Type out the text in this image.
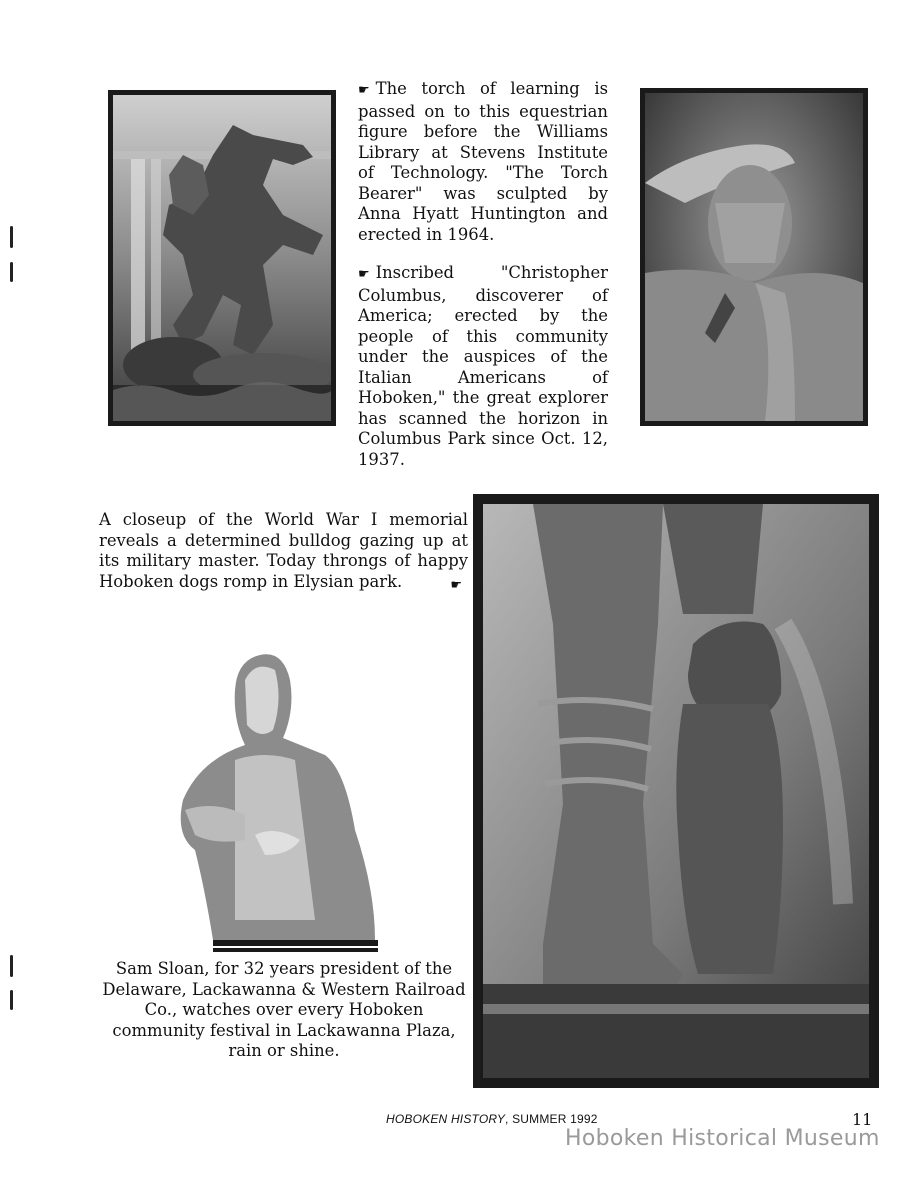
☛ The torch of learning is passed on to this equestrian figure before the Williams Library at Stevens Institute of Technology. "The Torch Bearer" was sculpted by Anna Hyatt Huntington and erected in 1964.
☛ Inscribed "Christopher Columbus, discoverer of America; erected by the people of this community under the auspices of the Italian Americans of Hoboken," the great explorer has scanned the horizon in Columbus Park since Oct. 12, 1937.
A closeup of the World War I memorial reveals a determined bulldog gazing up at its military master. Today throngs of happy Hoboken dogs romp in Elysian park.	☛
Sam Sloan, for 32 years president of the Delaware, Lackawanna & Western Railroad Co., watches over every Hoboken community festival in Lackawanna Plaza, rain or shine.
HOBOKEN HISTORY, SUMMER 1992	11
Hoboken Historical Museum
